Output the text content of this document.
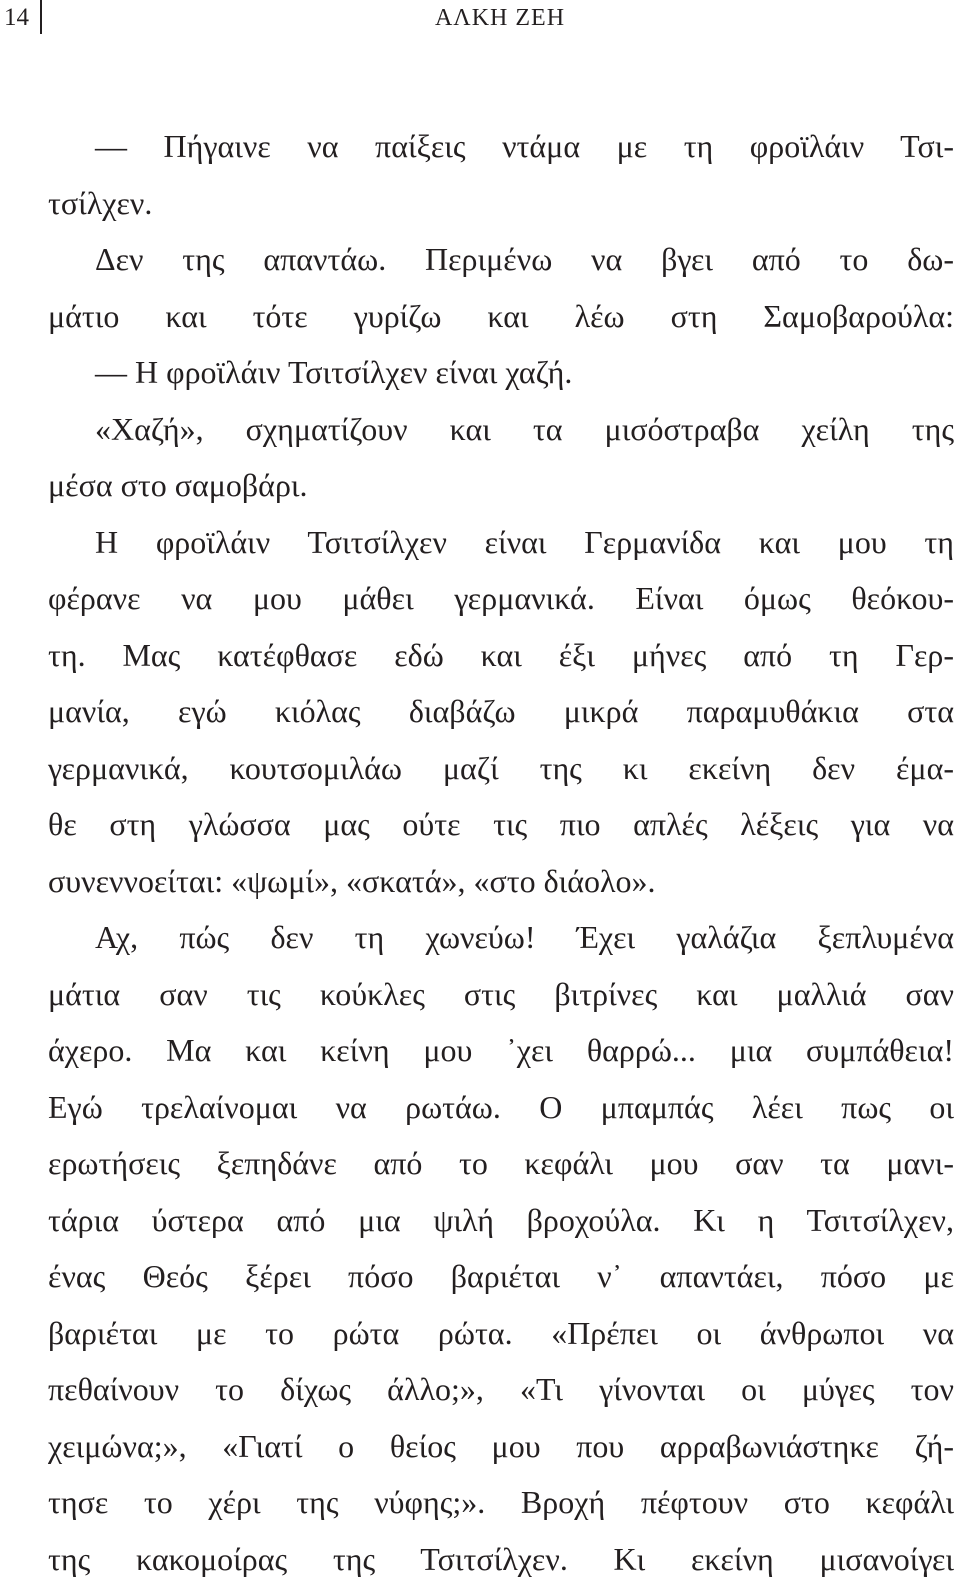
14	ΑΛΚΗ ΖΕΗ
— Πήγαινε να παίξεις ντάμα με τη φροϊλάιν Τσι-
τσίλχεν.
Δεν της απαντάω. Περιμένω να βγει από το δω-
μάτιο και τότε γυρίζω και λέω στη Σαμοβαρούλα:
— Η φροϊλάιν Τσιτσίλχεν είναι χαζή.
«Χαζή», σχηματίζουν και τα μισόστραβα χείλη της
μέσα στο σαμοβάρι.
Η φροϊλάιν Τσιτσίλχεν είναι Γερμανίδα και μου τη
φέρανε να μου μάθει γερμανικά. Είναι όμως θεόκου-
τη. Μας κατέφθασε εδώ και έξι μήνες από τη Γερ-
μανία, εγώ κιόλας διαβάζω μικρά παραμυθάκια στα
γερμανικά, κουτσομιλάω μαζί της κι εκείνη δεν έμα-
θε στη γλώσσα μας ούτε τις πιο απλές λέξεις για να
συνεννοείται: «ψωμί», «σκατά», «στο διάολο».
Αχ, πώς δεν τη χωνεύω! Έχει γαλάζια ξεπλυμένα
μάτια σαν τις κούκλες στις βιτρίνες και μαλλιά σαν
άχερο. Μα και κείνη μου ᾽χει θαρρώ... μια συμπάθεια!
Εγώ τρελαίνομαι να ρωτάω. Ο μπαμπάς λέει πως οι
ερωτήσεις ξεπηδάνε από το κεφάλι μου σαν τα μανι-
τάρια ύστερα από μια ψιλή βροχούλα. Κι η Τσιτσίλχεν,
ένας Θεός ξέρει πόσο βαριέται ν᾽ απαντάει, πόσο με
βαριέται με το ρώτα ρώτα. «Πρέπει οι άνθρωποι να
πεθαίνουν το δίχως άλλο;», «Τι γίνονται οι μύγες τον
χειμώνα;», «Γιατί ο θείος μου που αρραβωνιάστηκε ζή-
τησε το χέρι της νύφης;». Βροχή πέφτουν στο κεφάλι
της κακομοίρας της Τσιτσίλχεν. Κι εκείνη μισανοίγει
